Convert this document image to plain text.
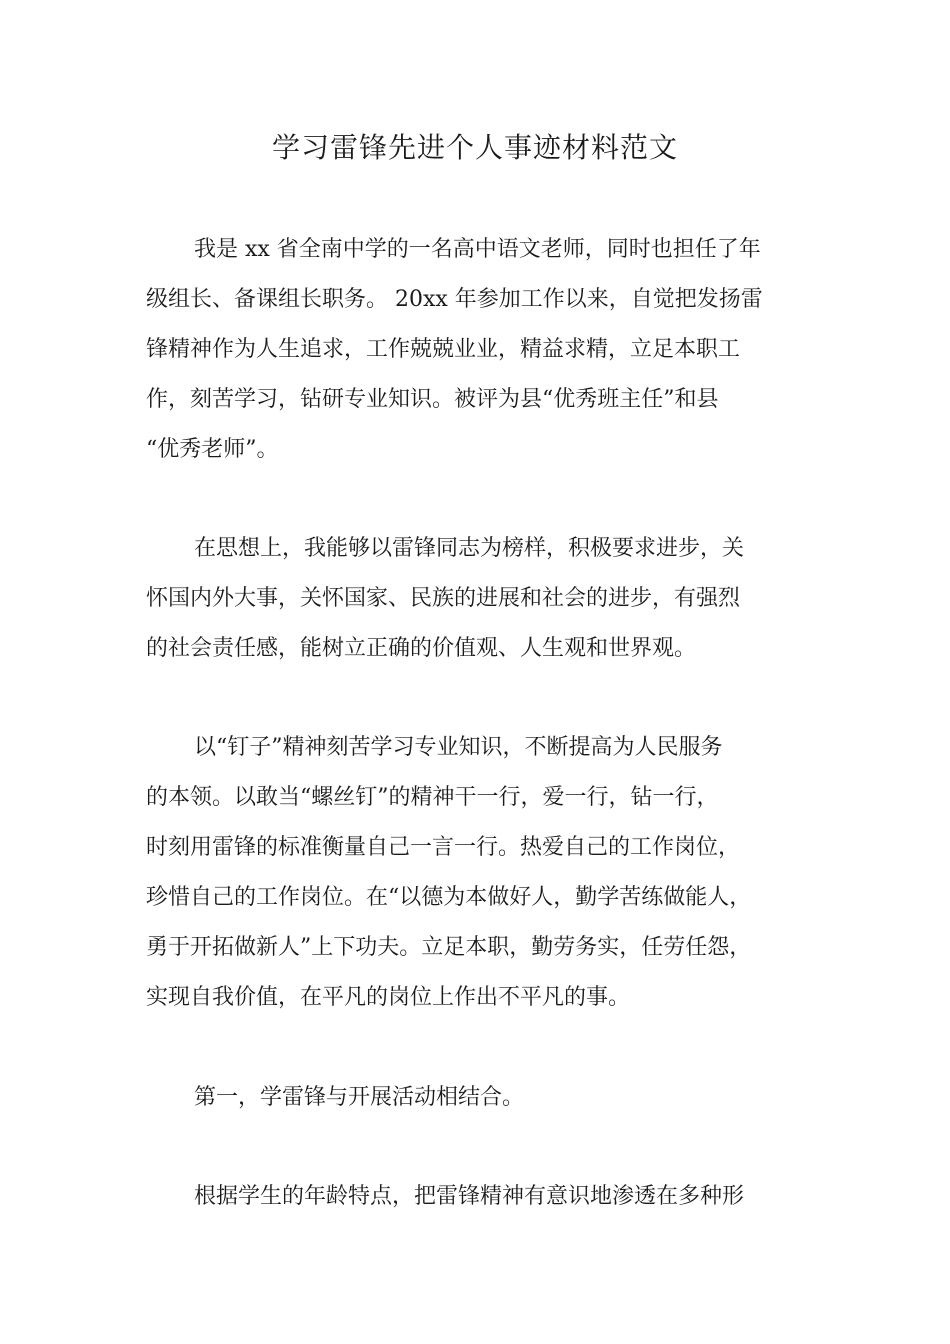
学习雷锋先进个人事迹材料范文
我是 xx 省全南中学的一名高中语文老师，同时也担任了年
级组长、备课组长职务。 20xx 年参加工作以来，自觉把发扬雷
锋精神作为人生追求，工作兢兢业业，精益求精，立足本职工
作，刻苦学习，钻研专业知识。被评为县“优秀班主任”和县
“优秀老师”。
在思想上，我能够以雷锋同志为榜样，积极要求进步，关
怀国内外大事，关怀国家、民族的进展和社会的进步，有强烈
的社会责任感，能树立正确的价值观、人生观和世界观。
以“钉子”精神刻苦学习专业知识，不断提高为人民服务
的本领。以敢当“螺丝钉”的精神干一行，爱一行，钻一行，
时刻用雷锋的标准衡量自己一言一行。热爱自己的工作岗位，
珍惜自己的工作岗位。在“以德为本做好人，勤学苦练做能人，
勇于开拓做新人”上下功夫。立足本职，勤劳务实，任劳任怨，
实现自我价值，在平凡的岗位上作出不平凡的事。
第一，学雷锋与开展活动相结合。
根据学生的年龄特点，把雷锋精神有意识地渗透在多种形
